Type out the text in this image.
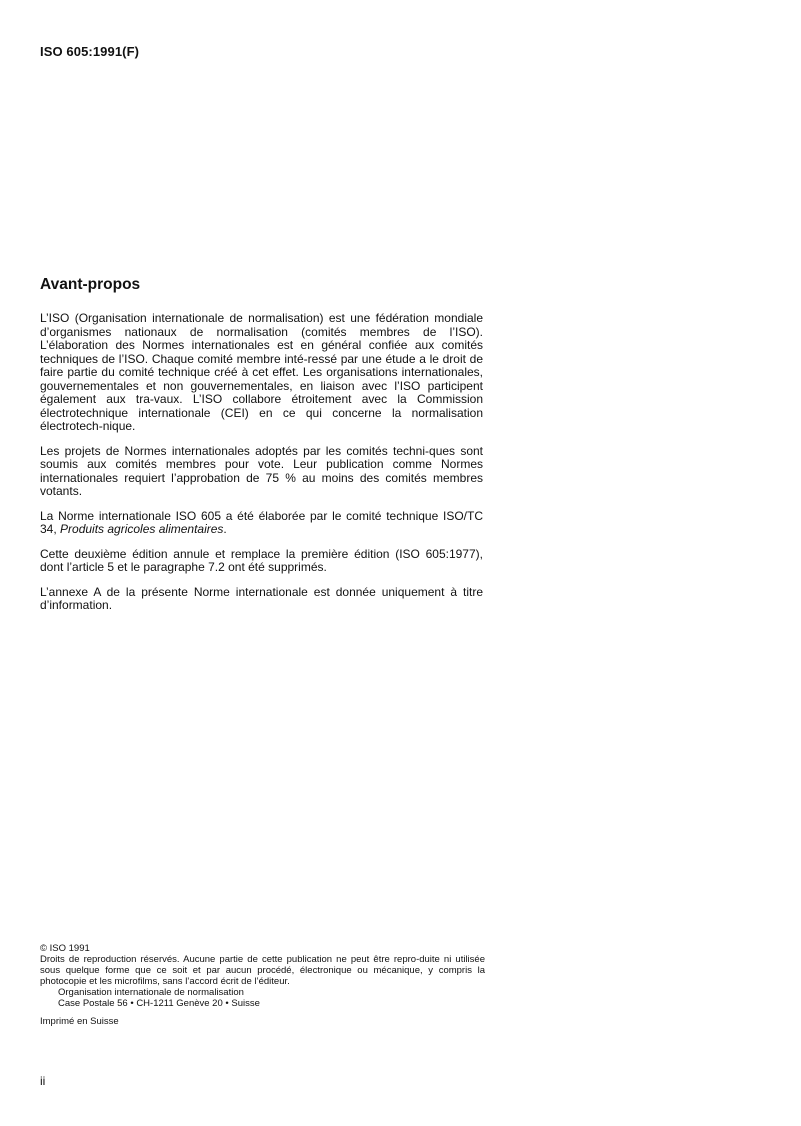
ISO 605:1991(F)
Avant-propos

L’ISO (Organisation internationale de normalisation) est une fédération mondiale d’organismes nationaux de normalisation (comités membres de l’ISO). L’élaboration des Normes internationales est en général confiée aux comités techniques de l’ISO. Chaque comité membre inté-ressé par une étude a le droit de faire partie du comité technique créé à cet effet. Les organisations internationales, gouvernementales et non gouvernementales, en liaison avec l’ISO participent également aux tra-vaux. L’ISO collabore étroitement avec la Commission électrotechnique internationale (CEI) en ce qui concerne la normalisation électrotech-nique.

Les projets de Normes internationales adoptés par les comités techni-ques sont soumis aux comités membres pour vote. Leur publication comme Normes internationales requiert l’approbation de 75 % au moins des comités membres votants.

La Norme internationale ISO 605 a été élaborée par le comité technique ISO/TC 34, Produits agricoles alimentaires.

Cette deuxième édition annule et remplace la première édition (ISO 605:1977), dont l’article 5 et le paragraphe 7.2 ont été supprimés.

L’annexe A de la présente Norme internationale est donnée uniquement à titre d’information.

© ISO 1991
Droits de reproduction réservés. Aucune partie de cette publication ne peut être repro-duite ni utilisée sous quelque forme que ce soit et par aucun procédé, électronique ou mécanique, y compris la photocopie et les microfilms, sans l’accord écrit de l’éditeur.
Organisation internationale de normalisation
Case Postale 56 • CH-1211 Genève 20 • Suisse
Imprimé en Suisse
ii
